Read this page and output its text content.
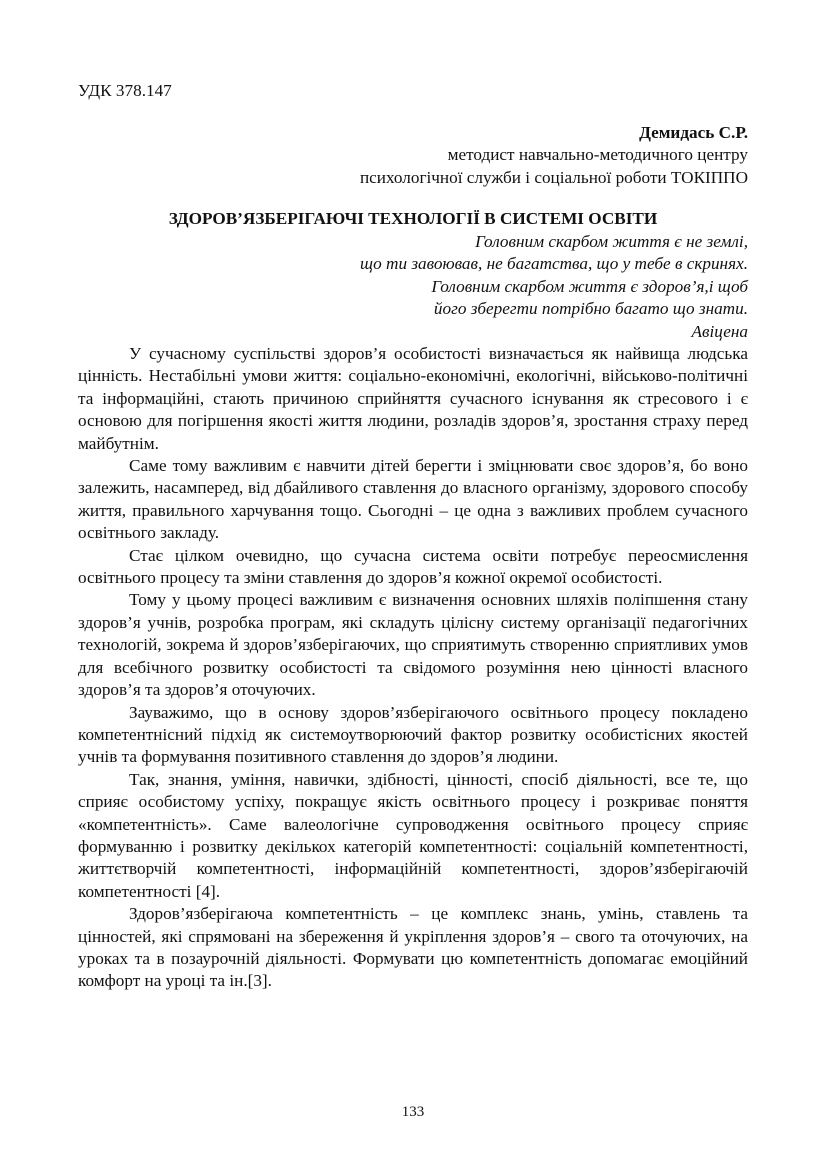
УДК 378.147
Демидась С.Р.
методист навчально-методичного центру
психологічної служби і соціальної роботи ТОКІППО
ЗДОРОВ’ЯЗБЕРІГАЮЧІ ТЕХНОЛОГІЇ В СИСТЕМІ ОСВІТИ
Головним скарбом життя є не землі,
що ти завоював, не багатства, що у тебе в скринях.
Головним скарбом життя є здоров’я,і щоб
його зберегти потрібно багато що знати.
Авіцена

У сучасному суспільстві здоров’я особистості визначається як найвища людська цінність. Нестабільні умови життя: соціально-економічні, екологічні, військово-політичні та інформаційні, стають причиною сприйняття сучасного існування як стресового і є основою для погіршення якості життя людини, розладів здоров’я, зростання страху перед майбутнім.

Саме тому важливим є навчити дітей берегти і зміцнювати своє здоров’я, бо воно залежить, насамперед, від дбайливого ставлення до власного організму, здорового способу життя, правильного харчування тощо. Сьогодні – це одна з важливих проблем сучасного освітнього закладу.

Стає цілком очевидно, що сучасна система освіти потребує переосмислення освітнього процесу та зміни ставлення до здоров’я кожної окремої особистості.

Тому у цьому процесі важливим є визначення основних шляхів поліпшення стану здоров’я учнів, розробка програм, які складуть цілісну систему організації педагогічних технологій, зокрема й здоров’язберігаючих, що сприятимуть створенню сприятливих умов для всебічного розвитку особистості та свідомого розуміння нею цінності власного здоров’я та здоров’я оточуючих.

Зауважимо, що в основу здоров’язберігаючого освітнього процесу покладено компетентнісний підхід як системоутворюючий фактор розвитку особистісних якостей учнів та формування позитивного ставлення до здоров’я людини.

Так, знання, уміння, навички, здібності, цінності, спосіб діяльності, все те, що сприяє особистому успіху, покращує якість освітнього процесу і розкриває поняття «компетентність». Саме валеологічне супроводження освітнього процесу сприяє формуванню і розвитку декількох категорій компетентності: соціальній компетентності, життєтворчій компетентності, інформаційній компетентності, здоров’язберігаючій компетентності [4].

Здоров’язберігаюча компетентність – це комплекс знань, умінь, ставлень та цінностей, які спрямовані на збереження й укріплення здоров’я – свого та оточуючих, на уроках та в позаурочній діяльності. Формувати цю компетентність допомагає емоційний комфорт на уроці та ін.[3].

133
